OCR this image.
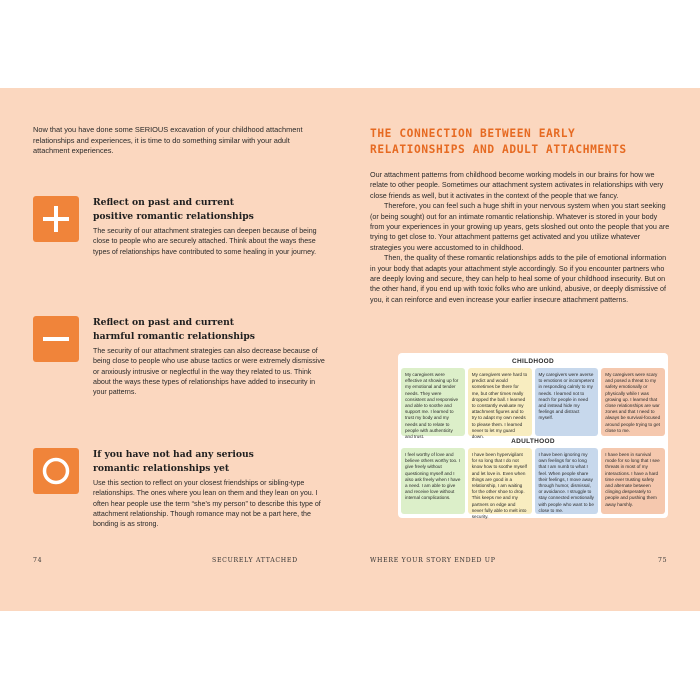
Now that you have done some SERIOUS excavation of your childhood attachment relationships and experiences, it is time to do something similar with your adult attachment experiences.

Reflect on past and current
positive romantic relationships

The security of our attachment strategies can deepen because of being close to people who are securely attached. Think about the ways these types of relationships have contributed to some healing in your journey.

Reflect on past and current
harmful romantic relationships

The security of our attachment strategies can also decrease because of being close to people who use abuse tactics or were extremely dismissive or anxiously intrusive or neglectful in the way they related to us. Think about the ways these types of relationships have added to insecurity in your patterns.

If you have not had any serious
romantic relationships yet

Use this section to reflect on your closest friendships or sibling-type relationships. The ones where you lean on them and they lean on you. I often hear people use the term “she’s my person” to describe this type of attachment relationship. Though romance may not be a part here, the bonding is as strong.

74	SECURELY ATTACHED
THE CONNECTION BETWEEN EARLY RELATIONSHIPS AND ADULT ATTACHMENTS

Our attachment patterns from childhood become working models in our brains for how we relate to other people. Sometimes our attachment system activates in relationships with very close friends as well, but it activates in the context of the people that we fancy.

Therefore, you can feel such a huge shift in your nervous system when you start seeking (or being sought) out for an intimate romantic relationship. Whatever is stored in your body from your experiences in your growing up years, gets sloshed out onto the people that you are trying to get close to. Your attachment patterns get activated and you utilize whatever strategies you were accustomed to in childhood.

Then, the quality of these romantic relationships adds to the pile of emotional information in your body that adapts your attachment style accordingly. So if you encounter partners who are deeply loving and secure, they can help to heal some of your childhood insecurity. But on the other hand, if you end up with toxic folks who are unkind, abusive, or deeply dismissive of you, it can reinforce and even increase your earlier insecure attachment patterns.

CHILDHOOD

My caregivers were effective at showing up for my emotional and tender needs. They were consistent and responsive and able to soothe and support me. I learned to trust my body and my needs and to relate to people with authenticity and trust.
My caregivers were hard to predict and would sometimes be there for me, but other times really dropped the ball. I learned to constantly evaluate my attachment figures and to try to adapt my own needs to please them. I learned never to let my guard down.
My caregivers were averse to emotions or incompetent in responding calmly to my needs. I learned not to reach for people in need and instead hide my feelings and distract myself.
My caregivers were scary and posed a threat to my safety emotionally or physically while I was growing up. I learned that close relationships are war zones and that I need to always be survival-focused around people trying to get close to me.

ADULTHOOD

I feel worthy of love and believe others worthy too. I give freely without questioning myself and I also ask freely when I have a need. I am able to give and receive love without internal complications.
I have been hypervigilant for so long that I do not know how to soothe myself and let love in. Even when things are good in a relationship, I am waiting for the other shoe to drop. This keeps me and my partners on edge and never fully able to melt into security.
I have been ignoring my own feelings for so long that I am numb to what I feel. When people share their feelings, I move away through humor, dismissal, or avoidance. I struggle to stay connected emotionally with people who want to be close to me.
I have been in survival mode for so long that I see threats in most of my interactions. I have a hard time ever trusting safety and alternate between clinging desperately to people and pushing them away harshly.
WHERE YOUR STORY ENDED UP	75
